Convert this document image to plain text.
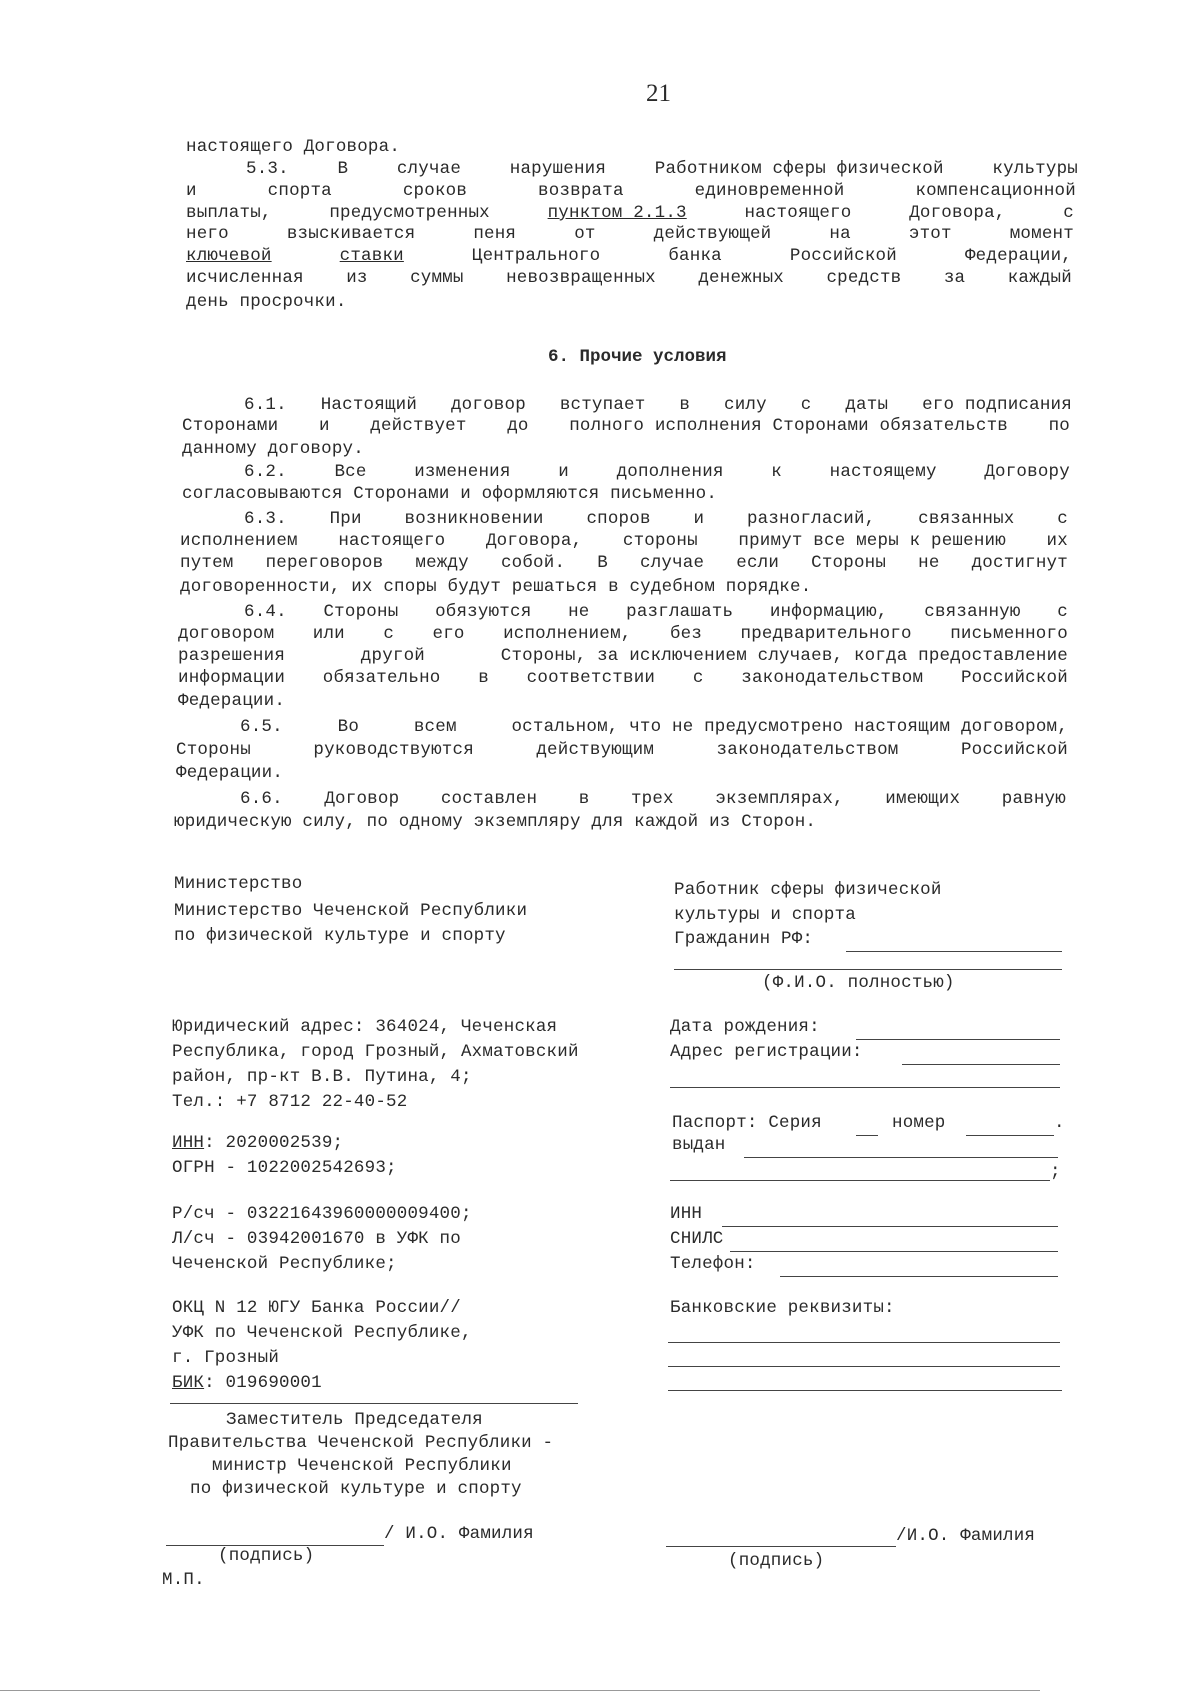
21
настоящего Договора.
5.3.	В	случае	нарушения	Работником сферы физической	культуры
и	спорта	сроков	возврата	единовременной	компенсационной
выплаты,	предусмотренных	пунктом 2.1.3	настоящего	Договора,	с
него	взыскивается	пеня	от	действующей	на	этот	момент
ключевой	ставки	Центрального	банка	Российской	Федерации,
исчисленная из суммы невозвращенных денежных средств за каждый
день просрочки.
6. Прочие условия
6.1. Настоящий договор вступает в силу с даты его подписания
Сторонами и действует до полного исполнения Сторонами обязательств по
данному договору.
6.2.	Все	изменения	и	дополнения	к	настоящему	Договору
согласовываются Сторонами и оформляются письменно.
6.3. При возникновении споров и разногласий, связанных с
исполнением настоящего Договора, стороны примут все меры к решению их
путем переговоров между собой. В случае если Стороны не достигнут
договоренности, их споры будут решаться в судебном порядке.
6.4. Стороны обязуются не разглашать информацию, связанную с
договором или с его исполнением, без предварительного письменного
разрешения	другой	Стороны, за исключением случаев, когда предоставление
информации обязательно в соответствии с законодательством Российской
Федерации.
6.5.	Во	всем	остальном, что не предусмотрено настоящим договором,
Стороны	руководствуются	действующим	законодательством	Российской
Федерации.
6.6. Договор составлен в трех экземплярах, имеющих равную
юридическую силу, по одному экземпляру для каждой из Сторон.
Министерство
Министерство Чеченской Республики
по физической культуре и спорту
Юридический адрес: 364024, Чеченская
Республика, город Грозный, Ахматовский
район, пр-кт В.В. Путина, 4;
Тел.: +7 8712 22-40-52
ИНН: 2020002539;
ОГРН - 1022002542693;
Р/сч - 03221643960000009400;
Л/сч - 03942001670 в УФК по
Чеченской Республике;
ОКЦ N 12 ЮГУ Банка России//
УФК по Чеченской Республике,
г. Грозный
БИК: 019690001
Заместитель Председателя
Правительства Чеченской Республики -
министр Чеченской Республики
по физической культуре и спорту
/ И.О. Фамилия
(подпись)
М.П.
Работник сферы физической
культуры и спорта
Гражданин РФ:
(Ф.И.О. полностью)
Дата рождения:
Адрес регистрации:
Паспорт: Серия	номер	.
выдан
;
ИНН
СНИЛС
Телефон:
Банковские реквизиты:
/И.О. Фамилия
(подпись)
